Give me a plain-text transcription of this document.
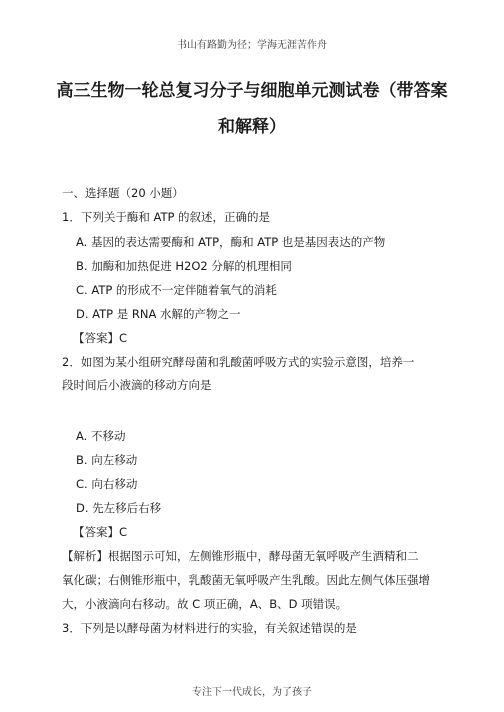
书山有路勤为径；学海无涯苦作舟
高三生物一轮总复习分子与细胞单元测试卷（带答案
和解释）
一、选择题（20 小题）
1．下列关于酶和 ATP 的叙述，正确的是
A. 基因的表达需要酶和 ATP，酶和 ATP 也是基因表达的产物
B. 加酶和加热促进 H2O2 分解的机理相同
C. ATP 的形成不一定伴随着氧气的消耗
D. ATP 是 RNA 水解的产物之一
【答案】C
2．如图为某小组研究酵母菌和乳酸菌呼吸方式的实验示意图，培养一
段时间后小液滴的移动方向是
A. 不移动
B. 向左移动
C. 向右移动
D. 先左移后右移
【答案】C
【解析】根据图示可知，左侧锥形瓶中，酵母菌无氧呼吸产生酒精和二
氧化碳；右侧锥形瓶中，乳酸菌无氧呼吸产生乳酸。因此左侧气体压强增
大，小液滴向右移动。故 C 项正确，A、B、D 项错误。
3．下列是以酵母菌为材料进行的实验，有关叙述错误的是
专注下一代成长，为了孩子
